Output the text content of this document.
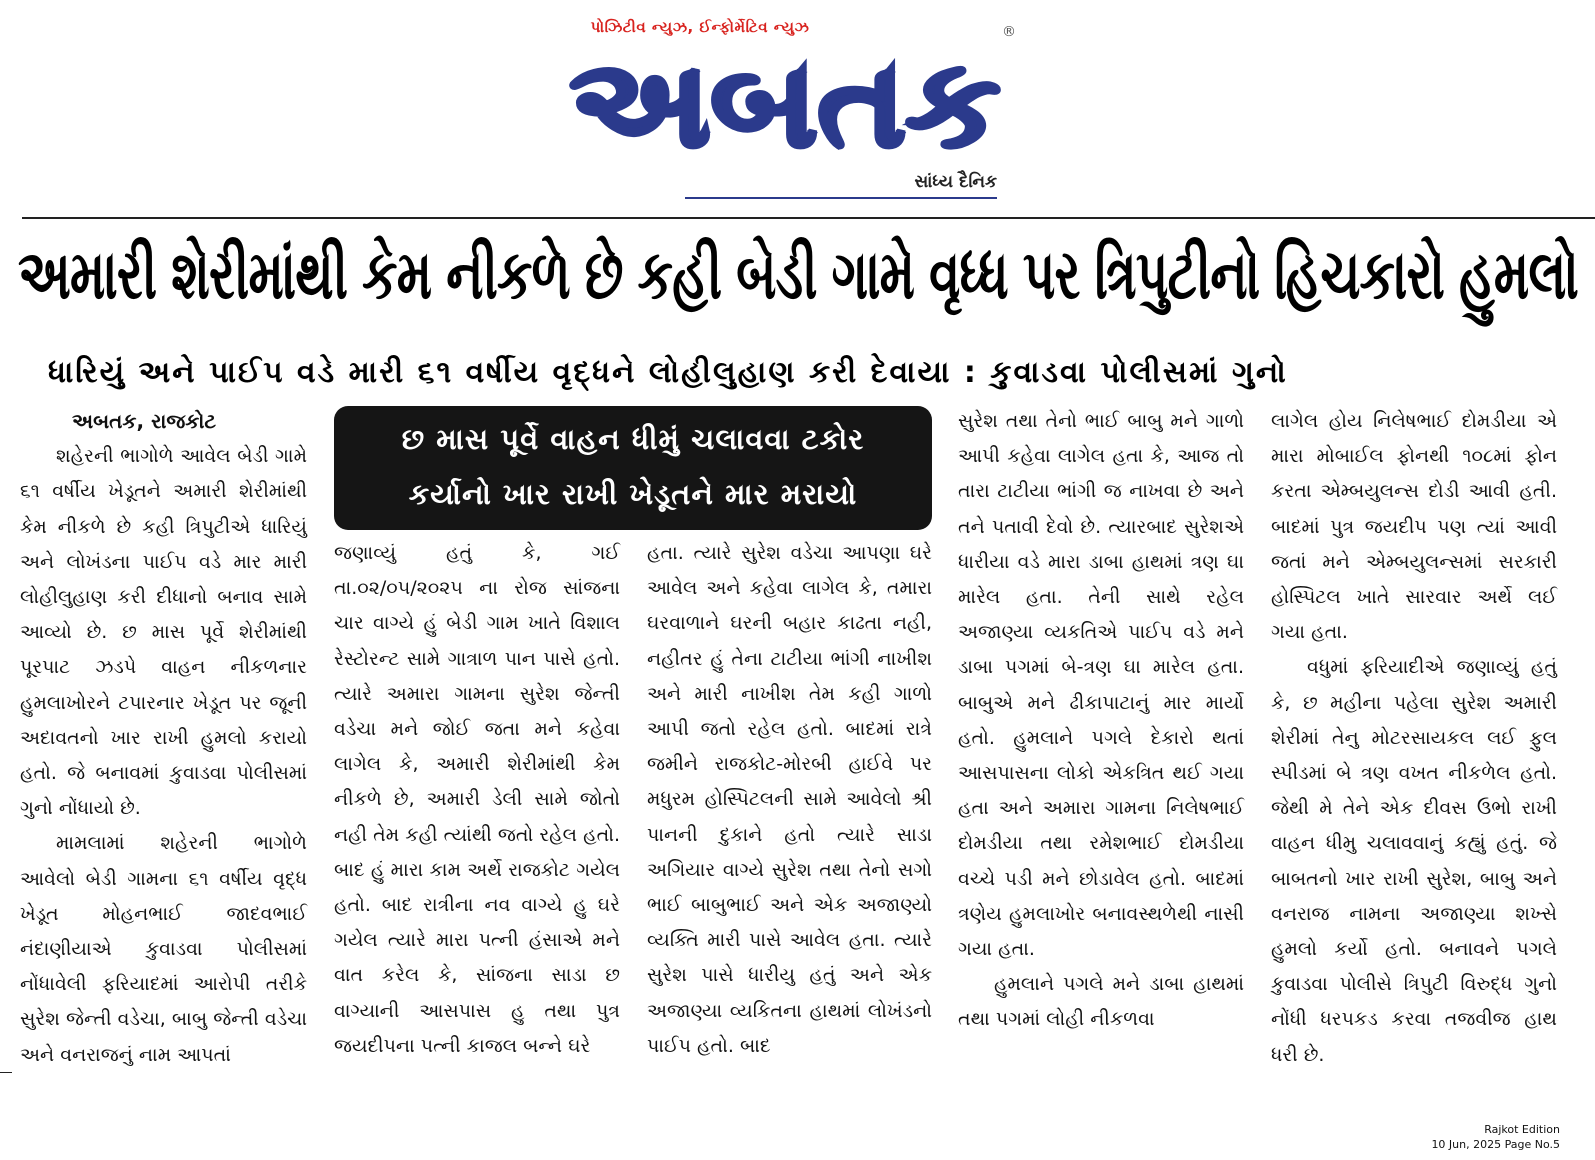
પોઝિટીવ ન્યુઝ, ઈન્ફોર્મેટિવ ન્યુઝ
અબતક
®
સાંધ્ય દૈનિક
અમારી શેરીમાંથી કેમ નીકળે છે કહી બેડી ગામે વૃધ્ધ પર ત્રિપુટીનો હિચકારો હુમલો
ધારિયું અને પાઈપ વડે મારી ૬૧ વર્ષીય વૃદ્ધને લોહીલુહાણ કરી દેવાયા : કુવાડવા પોલીસમાં ગુનો

અબતક, રાજકોટ

શહેરની ભાગોળે આવેલ બેડી ગામે ૬૧ વર્ષીય ખેડૂતને અમારી શેરીમાંથી કેમ નીકળે છે કહી ત્રિપુટીએ ધારિયું અને લોખંડના પાઈપ વડે માર મારી લોહીલુહાણ કરી દીધાનો બનાવ સામે આવ્યો છે. છ માસ પૂર્વે શેરીમાંથી પૂરપાટ ઝડપે વાહન નીકળનાર હુમલાખોરને ટપારનાર ખેડૂત પર જૂની અદાવતનો ખાર રાખી હુમલો કરાયો હતો. જે બનાવમાં કુવાડવા પોલીસમાં ગુનો નોંધાયો છે.

મામલામાં શહેરની ભાગોળે આવેલો બેડી ગામના ૬૧ વર્ષીય વૃદ્ધ ખેડૂત મોહનભાઈ જાદવભાઈ નંદાણીયાએ કુવાડવા પોલીસમાં નોંધાવેલી ફરિયાદમાં આરોપી તરીકે સુરેશ જેન્તી વડેચા, બાબુ જેન્તી વડેચા અને વનરાજનું નામ આપતાં

છ માસ પૂર્વે વાહન ધીમું ચલાવવા ટકોર
કર્યાનો ખાર રાખી ખેડૂતને માર મરાયો

જણાવ્યું હતું કે, ગઈ તા.૦૨/૦૫/૨૦૨૫ ના રોજ સાંજના ચાર વાગ્યે હું બેડી ગામ ખાતે વિશાલ રેસ્ટોરન્ટ સામે ગાત્રાળ પાન પાસે હતો. ત્યારે અમારા ગામના સુરેશ જેન્તી વડેચા મને જોઈ જતા મને કહેવા લાગેલ કે, અમારી શેરીમાંથી કેમ નીકળે છે, અમારી ડેલી સામે જોતો નહી તેમ કહી ત્યાંથી જતો રહેલ હતો. બાદ હું મારા કામ અર્થે રાજકોટ ગયેલ હતો. બાદ રાત્રીના નવ વાગ્યે હુ ઘરે ગયેલ ત્યારે મારા પત્ની હંસાએ મને વાત કરેલ કે, સાંજના સાડા છ વાગ્યાની આસપાસ હુ તથા પુત્ર જયદીપના પત્ની કાજલ બન્ને ઘરે

હતા. ત્યારે સુરેશ વડેચા આપણા ઘરે આવેલ અને કહેવા લાગેલ કે, તમારા ઘરવાળાને ઘરની બહાર કાઢતા નહી, નહીતર હું તેના ટાટીયા ભાંગી નાખીશ અને મારી નાખીશ તેમ કહી ગાળો આપી જતો રહેલ હતો. બાદમાં રાત્રે જમીને રાજકોટ-મોરબી હાઈવે પર મધુરમ હોસ્પિટલની સામે આવેલો શ્રી પાનની દુકાને હતો ત્યારે સાડા અગિયાર વાગ્યે સુરેશ તથા તેનો સગો ભાઈ બાબુભાઈ અને એક અજાણ્યો વ્યક્તિ મારી પાસે આવેલ હતા. ત્યારે સુરેશ પાસે ધારીયુ હતું અને એક અજાણ્યા વ્યકિતના હાથમાં લોખંડનો પાઈપ હતો. બાદ

સુરેશ તથા તેનો ભાઈ બાબુ મને ગાળો આપી કહેવા લાગેલ હતા કે, આજ તો તારા ટાટીયા ભાંગી જ નાખવા છે અને તને પતાવી દેવો છે. ત્યારબાદ સુરેશએ ધારીયા વડે મારા ડાબા હાથમાં ત્રણ ઘા મારેલ હતા. તેની સાથે રહેલ અજાણ્યા વ્યકતિએ પાઈપ વડે મને ડાબા પગમાં બે-ત્રણ ઘા મારેલ હતા. બાબુએ મને ઢીકાપાટાનું માર માર્યો હતો. હુમલાને પગલે દેકારો થતાં આસપાસના લોકો એકત્રિત થઈ ગયા હતા અને અમારા ગામના નિલેષભાઈ દોમડીયા તથા રમેશભાઈ દોમડીયા વચ્ચે પડી મને છોડાવેલ હતો. બાદમાં ત્રણેય હુમલાખોર બનાવસ્થળેથી નાસી ગયા હતા.

હુમલાને પગલે મને ડાબા હાથમાં તથા પગમાં લોહી નીકળવા

લાગેલ હોય નિલેષભાઈ દોમડીયા એ મારા મોબાઈલ ફોનથી ૧૦૮માં ફોન કરતા એમ્બયુલન્સ દોડી આવી હતી. બાદમાં પુત્ર જયદીપ પણ ત્યાં આવી જતાં મને એમ્બયુલન્સમાં સરકારી હોસ્પિટલ ખાતે સારવાર અર્થે લઈ ગયા હતા.

વધુમાં ફરિયાદીએ જણાવ્યું હતું કે, છ મહીના પહેલા સુરેશ અમારી શેરીમાં તેનુ મોટરસાયકલ લઈ ફુલ સ્પીડમાં બે ત્રણ વખત નીકળેલ હતો. જેથી મે તેને એક દીવસ ઉભો રાખી વાહન ધીમુ ચલાવવાનું કહ્યું હતું. જે બાબતનો ખાર રાખી સુરેશ, બાબુ અને વનરાજ નામના અજાણ્યા શખ્સે હુમલો કર્યો હતો. બનાવને પગલે કુવાડવા પોલીસે ત્રિપુટી વિરુદ્ધ ગુનો નોંધી ધરપકડ કરવા તજવીજ હાથ ધરી છે.

Rajkot Edition
10 Jun, 2025 Page No.5
